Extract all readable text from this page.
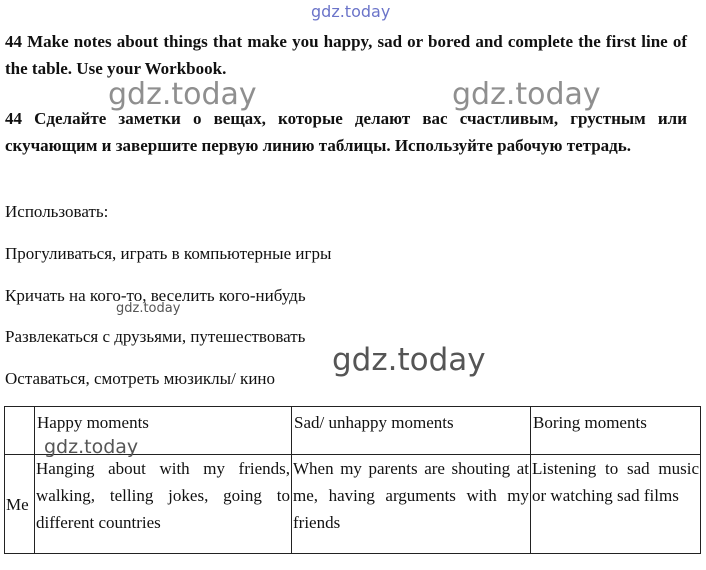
gdz.today

44 Make notes about things that make you happy, sad or bored and complete the first line of the table. Use your Workbook.

44 Сделайте заметки о вещах, которые делают вас счастливым, грустным или скучающим и завершите первую линию таблицы. Используйте рабочую тетрадь.

Использовать:
Прогуливаться, играть в компьютерные игры
Кричать на кого-то, веселить кого-нибудь
Развлекаться с друзьями, путешествовать
Оставаться, смотреть мюзиклы/ кино
	Happy moments	Sad/ unhappy moments	Boring moments
Me	Hanging about with my friends, walking, telling jokes, going to different countries	When my parents are shouting at me, having arguments with my friends	Listening to sad music or watching sad films
gdz.today	gdz.today
gdz.today
gdz.today
gdz.today
